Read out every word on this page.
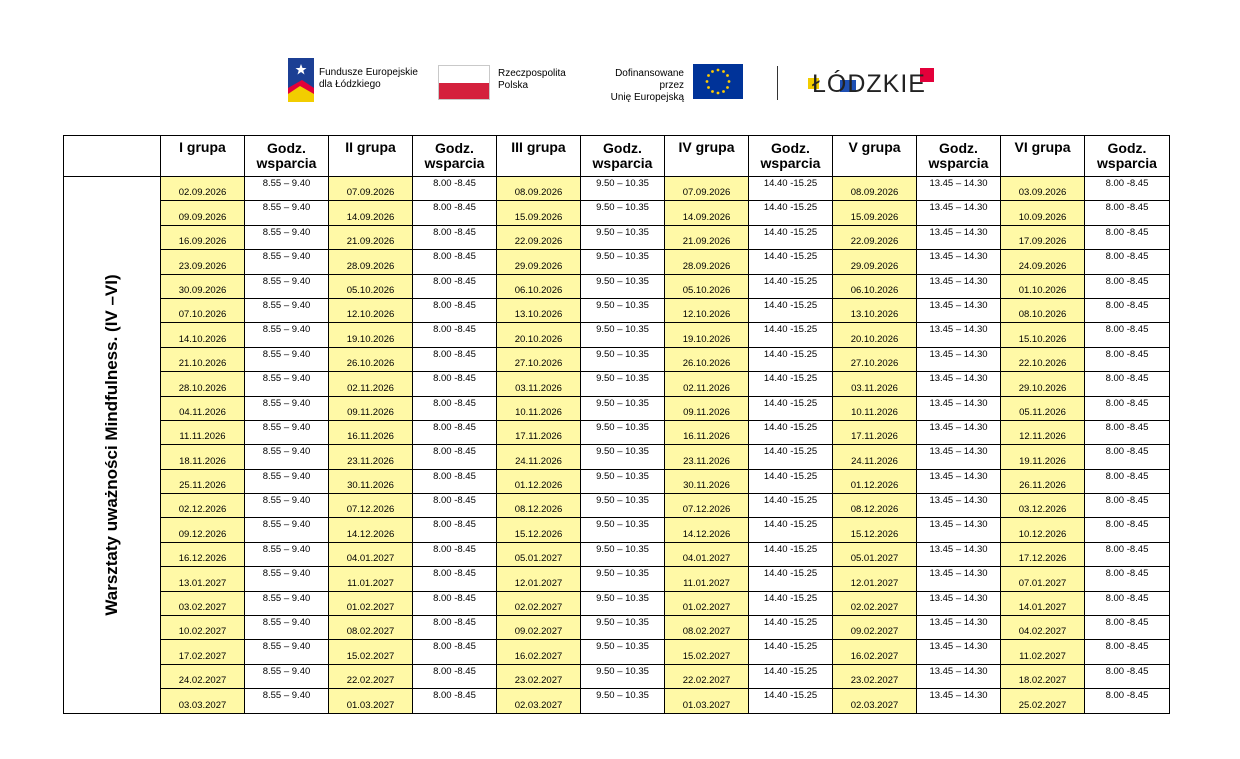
Fundusze Europejskie
dla Łódzkiego
Rzeczpospolita
Polska
Dofinansowane przez
Unię Europejską	ŁÓDZKIE
	I grupa	Godz. wsparcia	II grupa	Godz. wsparcia	III grupa	Godz. wsparcia	IV grupa	Godz. wsparcia	V grupa	Godz. wsparcia	VI grupa	Godz. wsparcia

Warsztaty uważności Mindfulness. (IV –VI)	02.09.2026	8.55 – 9.40	07.09.2026	8.00 -8.45	08.09.2026	9.50 – 10.35	07.09.2026	14.40 -15.25	08.09.2026	13.45 – 14.30	03.09.2026	8.00 -8.45
	09.09.2026	8.55 – 9.40	14.09.2026	8.00 -8.45	15.09.2026	9.50 – 10.35	14.09.2026	14.40 -15.25	15.09.2026	13.45 – 14.30	10.09.2026	8.00 -8.45
	16.09.2026	8.55 – 9.40	21.09.2026	8.00 -8.45	22.09.2026	9.50 – 10.35	21.09.2026	14.40 -15.25	22.09.2026	13.45 – 14.30	17.09.2026	8.00 -8.45
	23.09.2026	8.55 – 9.40	28.09.2026	8.00 -8.45	29.09.2026	9.50 – 10.35	28.09.2026	14.40 -15.25	29.09.2026	13.45 – 14.30	24.09.2026	8.00 -8.45
	30.09.2026	8.55 – 9.40	05.10.2026	8.00 -8.45	06.10.2026	9.50 – 10.35	05.10.2026	14.40 -15.25	06.10.2026	13.45 – 14.30	01.10.2026	8.00 -8.45
	07.10.2026	8.55 – 9.40	12.10.2026	8.00 -8.45	13.10.2026	9.50 – 10.35	12.10.2026	14.40 -15.25	13.10.2026	13.45 – 14.30	08.10.2026	8.00 -8.45
	14.10.2026	8.55 – 9.40	19.10.2026	8.00 -8.45	20.10.2026	9.50 – 10.35	19.10.2026	14.40 -15.25	20.10.2026	13.45 – 14.30	15.10.2026	8.00 -8.45
	21.10.2026	8.55 – 9.40	26.10.2026	8.00 -8.45	27.10.2026	9.50 – 10.35	26.10.2026	14.40 -15.25	27.10.2026	13.45 – 14.30	22.10.2026	8.00 -8.45
	28.10.2026	8.55 – 9.40	02.11.2026	8.00 -8.45	03.11.2026	9.50 – 10.35	02.11.2026	14.40 -15.25	03.11.2026	13.45 – 14.30	29.10.2026	8.00 -8.45
	04.11.2026	8.55 – 9.40	09.11.2026	8.00 -8.45	10.11.2026	9.50 – 10.35	09.11.2026	14.40 -15.25	10.11.2026	13.45 – 14.30	05.11.2026	8.00 -8.45
	11.11.2026	8.55 – 9.40	16.11.2026	8.00 -8.45	17.11.2026	9.50 – 10.35	16.11.2026	14.40 -15.25	17.11.2026	13.45 – 14.30	12.11.2026	8.00 -8.45
	18.11.2026	8.55 – 9.40	23.11.2026	8.00 -8.45	24.11.2026	9.50 – 10.35	23.11.2026	14.40 -15.25	24.11.2026	13.45 – 14.30	19.11.2026	8.00 -8.45
	25.11.2026	8.55 – 9.40	30.11.2026	8.00 -8.45	01.12.2026	9.50 – 10.35	30.11.2026	14.40 -15.25	01.12.2026	13.45 – 14.30	26.11.2026	8.00 -8.45
	02.12.2026	8.55 – 9.40	07.12.2026	8.00 -8.45	08.12.2026	9.50 – 10.35	07.12.2026	14.40 -15.25	08.12.2026	13.45 – 14.30	03.12.2026	8.00 -8.45
	09.12.2026	8.55 – 9.40	14.12.2026	8.00 -8.45	15.12.2026	9.50 – 10.35	14.12.2026	14.40 -15.25	15.12.2026	13.45 – 14.30	10.12.2026	8.00 -8.45
	16.12.2026	8.55 – 9.40	04.01.2027	8.00 -8.45	05.01.2027	9.50 – 10.35	04.01.2027	14.40 -15.25	05.01.2027	13.45 – 14.30	17.12.2026	8.00 -8.45
	13.01.2027	8.55 – 9.40	11.01.2027	8.00 -8.45	12.01.2027	9.50 – 10.35	11.01.2027	14.40 -15.25	12.01.2027	13.45 – 14.30	07.01.2027	8.00 -8.45
	03.02.2027	8.55 – 9.40	01.02.2027	8.00 -8.45	02.02.2027	9.50 – 10.35	01.02.2027	14.40 -15.25	02.02.2027	13.45 – 14.30	14.01.2027	8.00 -8.45
	10.02.2027	8.55 – 9.40	08.02.2027	8.00 -8.45	09.02.2027	9.50 – 10.35	08.02.2027	14.40 -15.25	09.02.2027	13.45 – 14.30	04.02.2027	8.00 -8.45
	17.02.2027	8.55 – 9.40	15.02.2027	8.00 -8.45	16.02.2027	9.50 – 10.35	15.02.2027	14.40 -15.25	16.02.2027	13.45 – 14.30	11.02.2027	8.00 -8.45
	24.02.2027	8.55 – 9.40	22.02.2027	8.00 -8.45	23.02.2027	9.50 – 10.35	22.02.2027	14.40 -15.25	23.02.2027	13.45 – 14.30	18.02.2027	8.00 -8.45
	03.03.2027	8.55 – 9.40	01.03.2027	8.00 -8.45	02.03.2027	9.50 – 10.35	01.03.2027	14.40 -15.25	02.03.2027	13.45 – 14.30	25.02.2027	8.00 -8.45
